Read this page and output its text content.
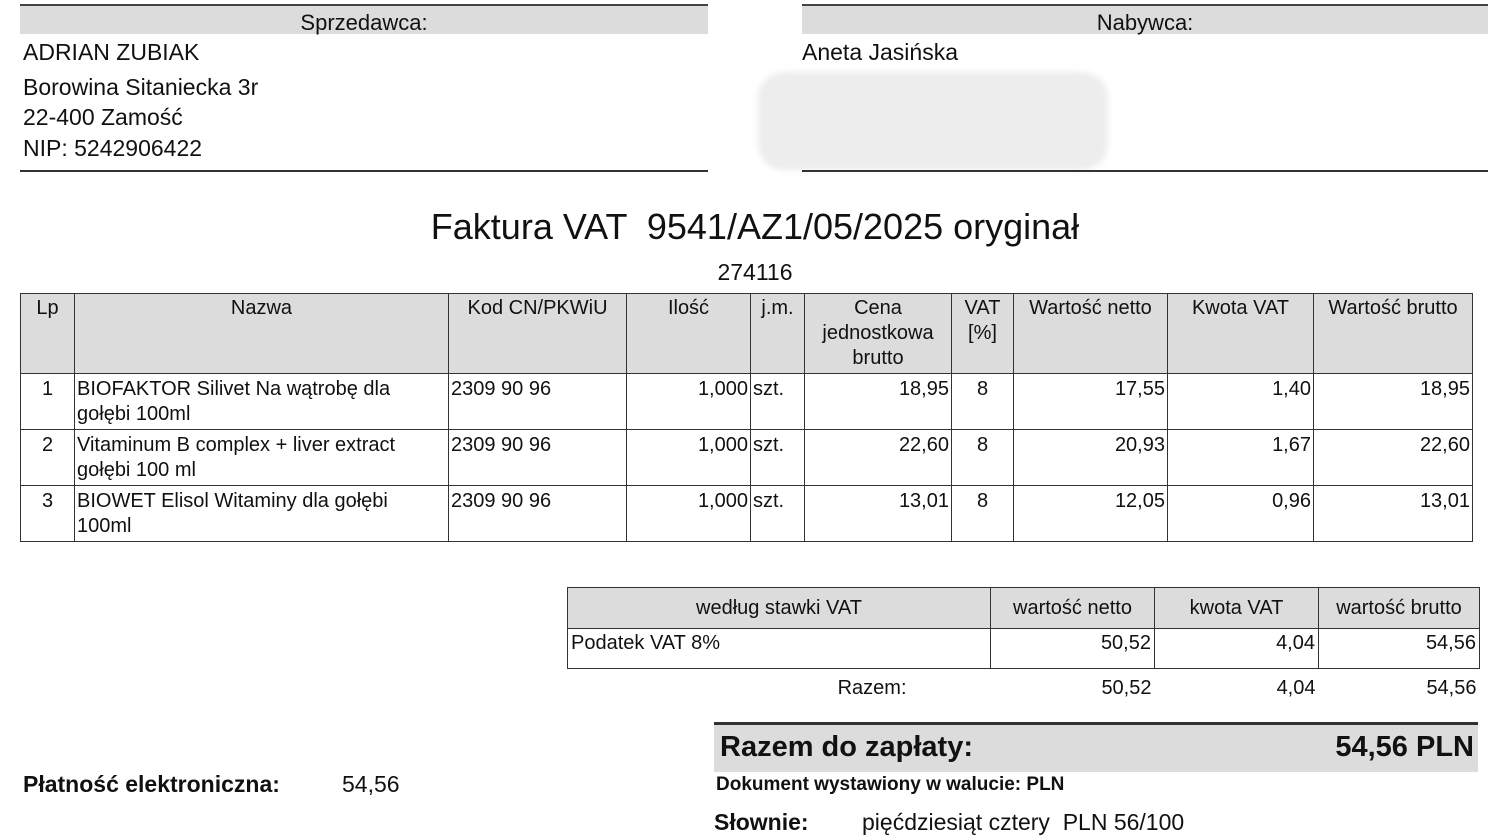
Sprzedawca:
ADRIAN ZUBIAK
Borowina Sitaniecka 3r
22-400 Zamość
NIP: 5242906422
Nabywca:
Aneta Jasińska
Faktura VAT  9541/AZ1/05/2025 oryginał
274116
Lp	Nazwa	Kod CN/PKWiU	Ilość	j.m.	Cena jednostkowa brutto	VAT [%]	Wartość netto	Kwota VAT	Wartość brutto
1	BIOFAKTOR Silivet Na wątrobę dla gołębi 100ml	2309 90 96	1,000	szt.	18,95	8	17,55	1,40	18,95
2	Vitaminum B complex + liver extract gołębi 100 ml	2309 90 96	1,000	szt.	22,60	8	20,93	1,67	22,60
3	BIOWET Elisol Witaminy dla gołębi 100ml	2309 90 96	1,000	szt.	13,01	8	12,05	0,96	13,01
według stawki VAT	wartość netto	kwota VAT	wartość brutto
Podatek VAT 8%	50,52	4,04	54,56
Razem:	50,52	4,04	54,56
Razem do zapłaty:	54,56 PLN
Dokument wystawiony w walucie: PLN
Słownie: pięćdziesiąt cztery  PLN 56/100
Płatność elektroniczna:	54,56
